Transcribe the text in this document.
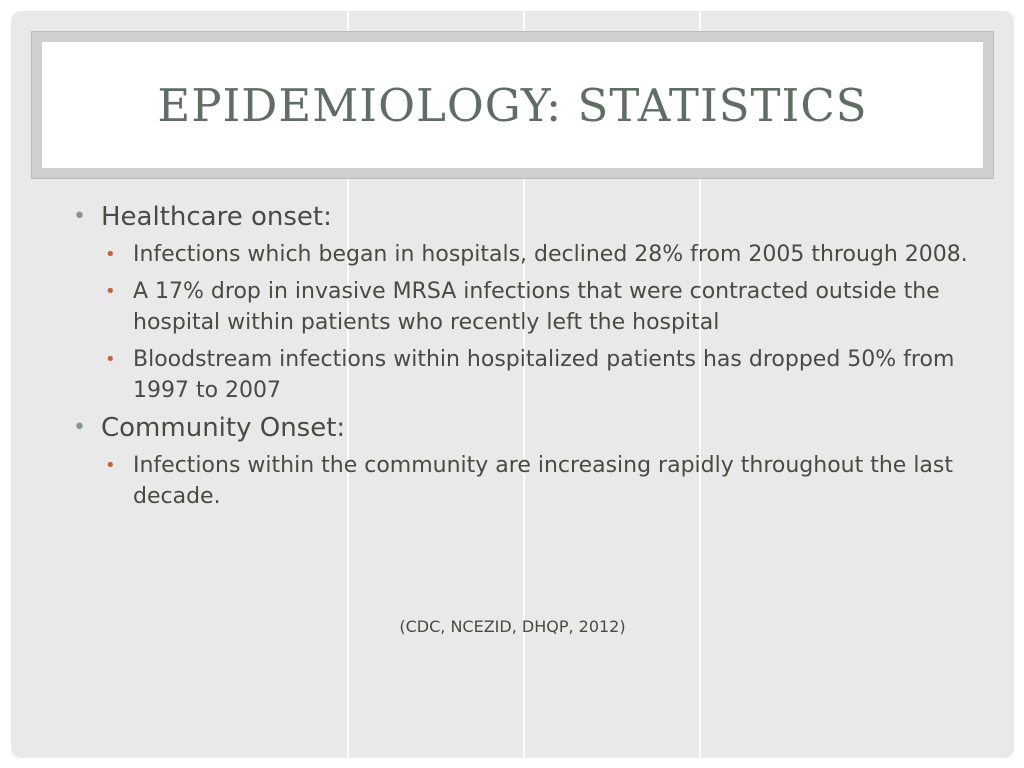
EPIDEMIOLOGY: STATISTICS
• Healthcare onset:
• Infections which began in hospitals, declined 28% from 2005 through 2008.
• A 17% drop in invasive MRSA infections that were contracted outside the hospital within patients who recently left the hospital
• Bloodstream infections within hospitalized patients has dropped 50% from 1997 to 2007
• Community Onset:
• Infections within the community are increasing rapidly throughout the last decade.
(CDC, NCEZID, DHQP, 2012)
